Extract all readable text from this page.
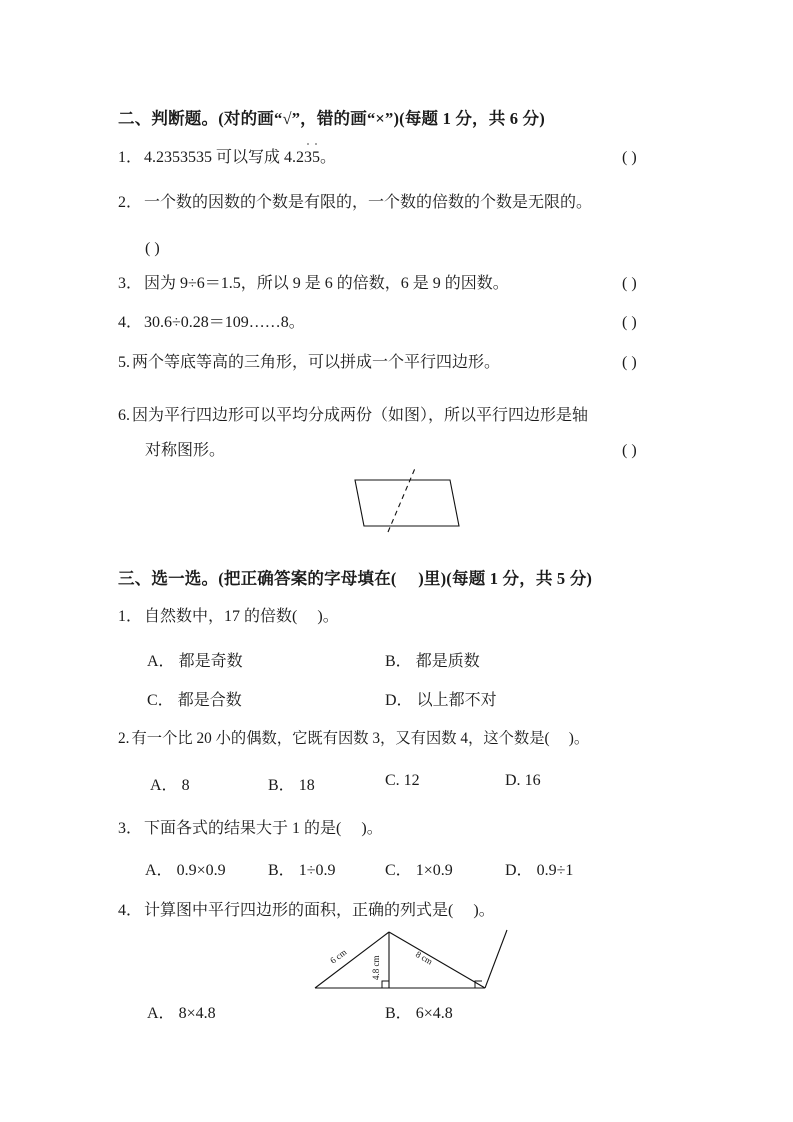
二、判断题。(对的画“√”，错的画“×”)(每题 1 分，共 6 分)
1． 4.2353535 可以写成 4.235。	( )
2． 一个数的因数的个数是有限的，一个数的倍数的个数是无限的。
( )
3． 因为 9÷6＝1.5，所以 9 是 6 的倍数，6 是 9 的因数。	( )
4． 30.6÷0.28＝109……8。	( )
5. 两个等底等高的三角形，可以拼成一个平行四边形。	( )
6. 因为平行四边形可以平均分成两份（如图），所以平行四边形是轴
对称图形。	( )
三、选一选。(把正确答案的字母填在( )里)(每题 1 分，共 5 分)
1． 自然数中，17 的倍数( )。
A． 都是奇数	B． 都是质数
C． 都是合数	D． 以上都不对
2. 有一个比 20 小的偶数，它既有因数 3，又有因数 4，这个数是( )。
A． 8	B． 18	C. 12	D. 16
3． 下面各式的结果大于 1 的是( )。
A． 0.9×0.9	B． 1÷0.9	C． 1×0.9	D． 0.9÷1
4． 计算图中平行四边形的面积，正确的列式是( )。
6 cm	4.8 cm	8 cm
A． 8×4.8	B． 6×4.8
